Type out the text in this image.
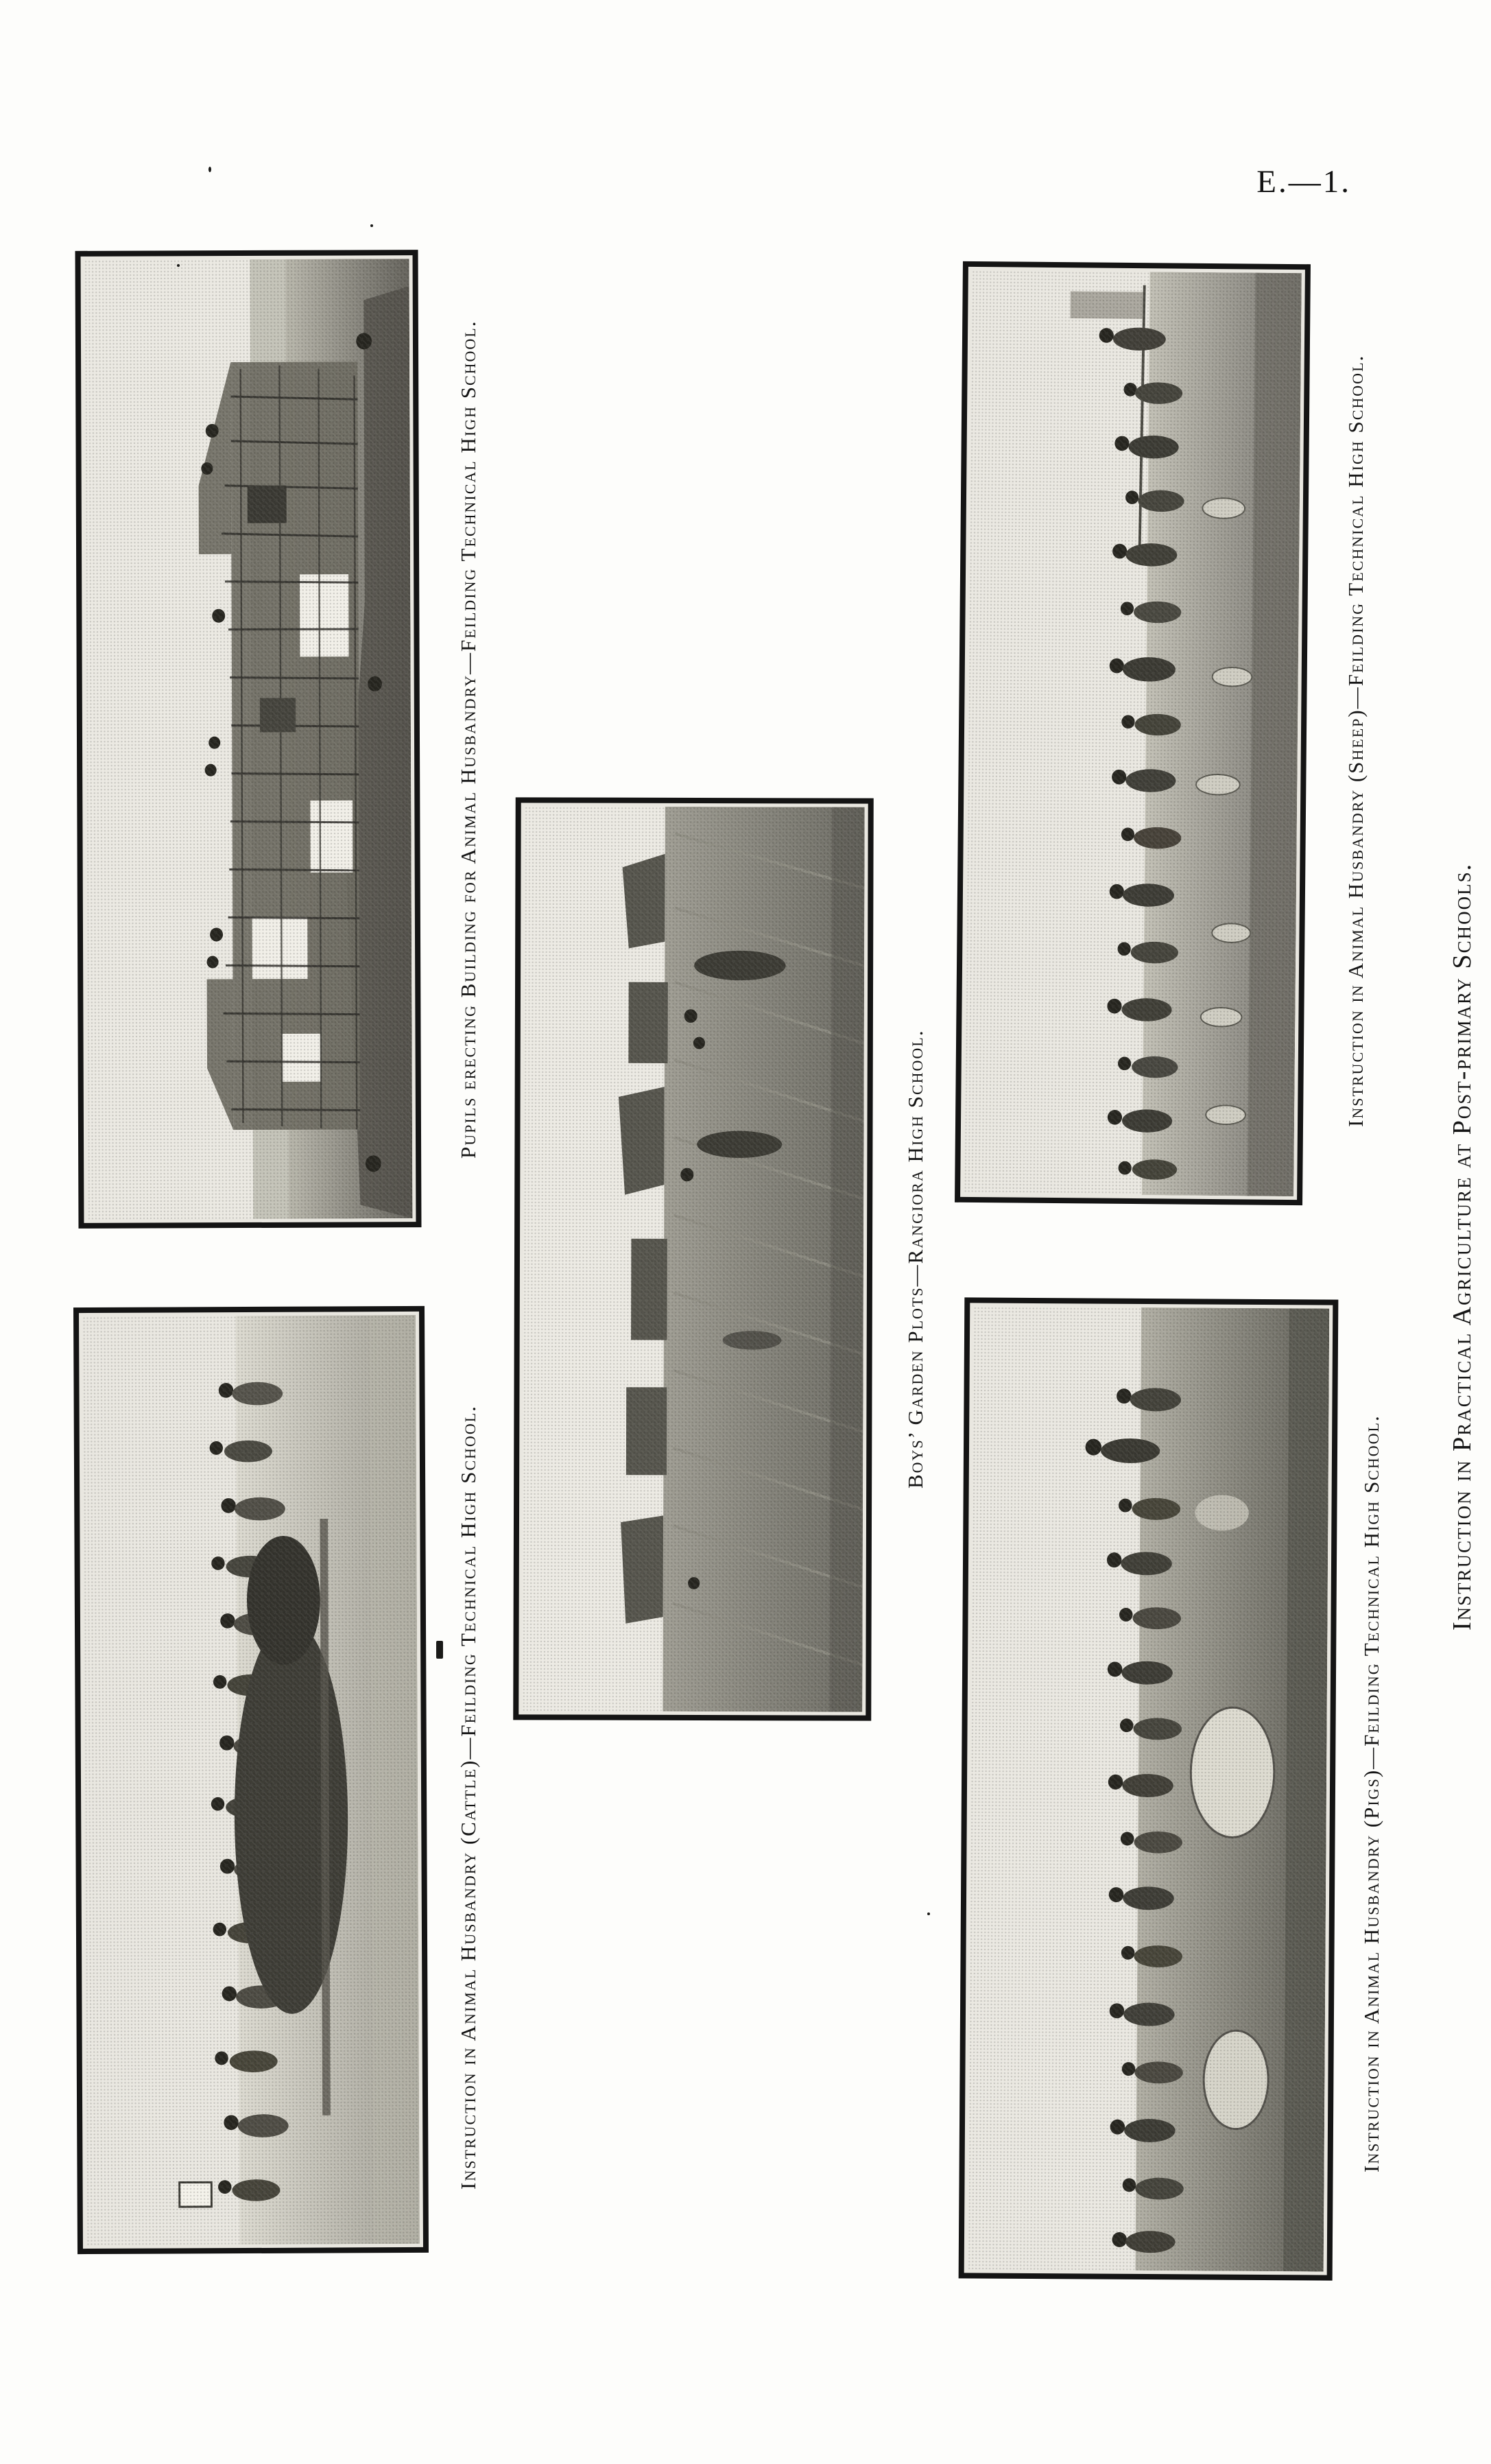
E.—1.
Pupils erecting Building for Animal Husbandry—Feilding Technical High School.	Instruction in Animal Husbandry (Sheep)—Feilding Technical High School.
Boys’ Garden Plots—Rangiora High School.
Instruction in Animal Husbandry (Cattle)—Feilding Technical High School.	Instruction in Animal Husbandry (Pigs)—Feilding Technical High School.
Instruction in Practical Agriculture at Post-primary Schools.
